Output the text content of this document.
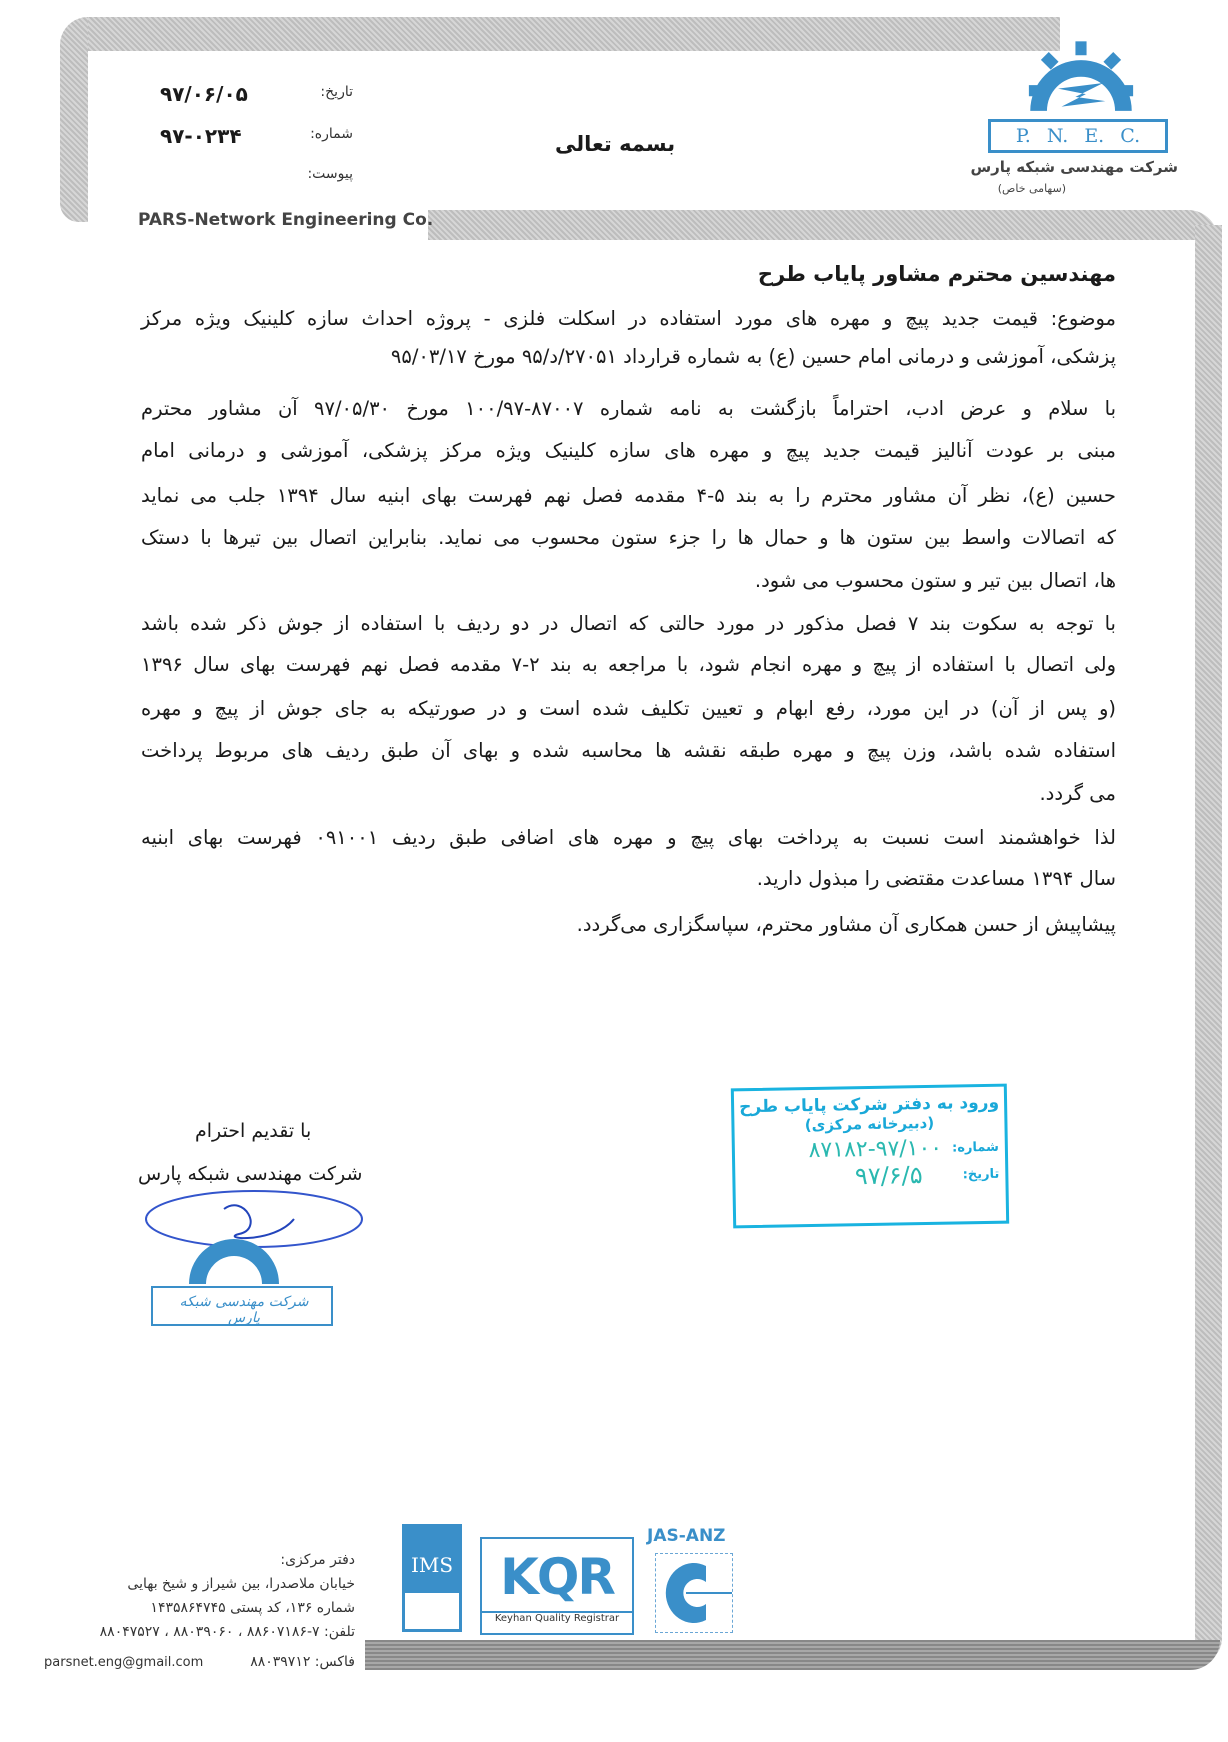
P. N. E. C.
شرکت مهندسی شبکه پارس
(سهامی خاص)
تاریخ:
۹۷/۰۶/۰۵
شماره:
۹۷-۰۲۳۴
پیوست:
بسمه تعالی
PARS-Network Engineering Co.
مهندسین محترم مشاور پایاب طرح
موضوع: قیمت جدید پیچ و مهره های مورد استفاده در اسکلت فلزی - پروژه احداث سازه کلینیک ویژه مرکز
پزشکی، آموزشی و درمانی امام حسین (ع) به شماره قرارداد ۲۷۰۵۱/د/۹۵ مورخ ۹۵/۰۳/۱۷
با سلام و عرض ادب، احتراماً بازگشت به نامه شماره ۸۷۰۰۷-۱۰۰/۹۷ مورخ ۹۷/۰۵/۳۰ آن مشاور محترم
مبنی بر عودت آنالیز قیمت جدید پیچ و مهره های سازه کلینیک ویژه مرکز پزشکی، آموزشی و درمانی امام
حسین (ع)، نظر آن مشاور محترم را به بند ۵-۴ مقدمه فصل نهم فهرست بهای ابنیه سال ۱۳۹۴ جلب می نماید
که اتصالات واسط بین ستون ها و حمال ها را جزء ستون محسوب می نماید. بنابراین اتصال بین تیرها با دستک
ها، اتصال بین تیر و ستون محسوب می شود.
با توجه به سکوت بند ۷ فصل مذکور در مورد حالتی که اتصال در دو ردیف با استفاده از جوش ذکر شده باشد
ولی اتصال با استفاده از پیچ و مهره انجام شود، با مراجعه به بند ۲-۷ مقدمه فصل نهم فهرست بهای سال ۱۳۹۶
(و پس از آن) در این مورد، رفع ابهام و تعیین تکلیف شده است و در صورتیکه به جای جوش از پیچ و مهره
استفاده شده باشد، وزن پیچ و مهره طبقه نقشه ها محاسبه شده و بهای آن طبق ردیف های مربوط پرداخت
می گردد.
لذا خواهشمند است نسبت به پرداخت بهای پیچ و مهره های اضافی طبق ردیف ۰۹۱۰۰۱ فهرست بهای ابنیه
سال ۱۳۹۴ مساعدت مقتضی را مبذول دارید.
پیشاپیش از حسن همکاری آن مشاور محترم، سپاسگزاری می‌گردد.
با تقدیم احترام
شرکت مهندسی شبکه پارس
شرکت مهندسی شبکه پارس
ورود به دفتر شرکت پایاب طرح
(دبیرخانه مرکزی)
شماره:
۸۷۱۸۲-۹۷/۱۰۰
تاریخ:
۹۷/۶/۵
دفتر مرکزی:
خیابان ملاصدرا، بین شیراز و شیخ بهایی
شماره ۱۳۶، کد پستی ۱۴۳۵۸۶۴۷۴۵
تلفن: ۷-۸۸۶۰۷۱۸۶ ، ۸۸۰۳۹۰۶۰ ، ۸۸۰۴۷۵۲۷
فاکس: ۸۸۰۳۹۷۱۲
parsnet.eng@gmail.com
IMS KQR
Keyhan Quality Registrar
JAS-ANZ
